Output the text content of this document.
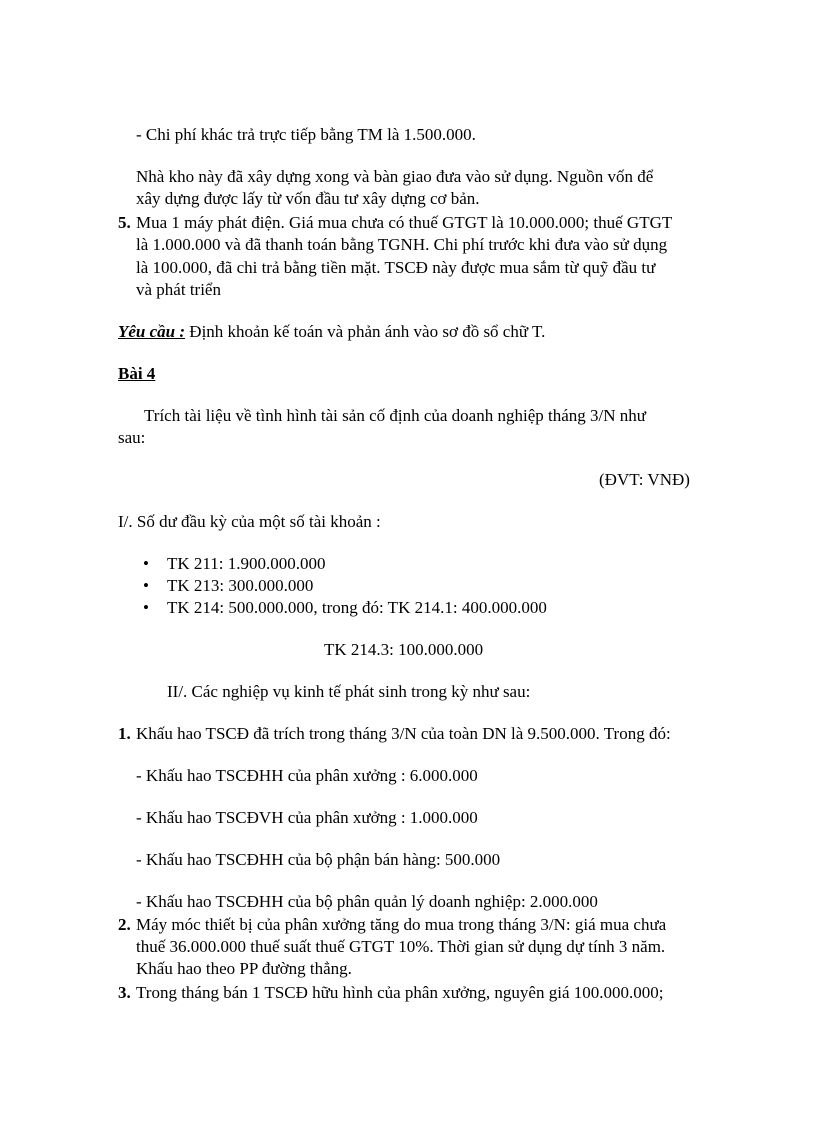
- Chi phí khác trả trực tiếp bằng TM là 1.500.000.

Nhà kho này đã xây dựng xong và bàn giao đưa vào sử dụng. Nguồn vốn để

xây dựng được lấy từ vốn đầu tư xây dựng cơ bản.

5. Mua 1 máy phát điện. Giá mua chưa có thuế GTGT là 10.000.000; thuế GTGT

là 1.000.000 và đã thanh toán bằng TGNH. Chi phí trước khi đưa vào sử dụng

là 100.000, đã chi trả bằng tiền mặt. TSCĐ này được mua sắm từ quỹ đầu tư

và phát triển

Yêu cầu : Định khoản kế toán và phản ánh vào sơ đồ sổ chữ T.

Bài 4

Trích tài liệu về tình hình tài sản cố định của doanh nghiệp tháng 3/N như

sau:

(ĐVT: VNĐ)

I/. Số dư đầu kỳ của một số tài khoản :

• TK 211: 1.900.000.000

• TK 213: 300.000.000

• TK 214: 500.000.000, trong đó: TK 214.1: 400.000.000

TK 214.3: 100.000.000

II/. Các nghiệp vụ kinh tế phát sinh trong kỳ như sau:

1. Khấu hao TSCĐ đã trích trong tháng 3/N của toàn DN là 9.500.000. Trong đó:

- Khấu hao TSCĐHH của phân xưởng : 6.000.000

- Khấu hao TSCĐVH của phân xưởng : 1.000.000

- Khấu hao TSCĐHH của bộ phận bán hàng: 500.000

- Khấu hao TSCĐHH của bộ phân quản lý doanh nghiệp: 2.000.000

2. Máy móc thiết bị của phân xưởng tăng do mua trong tháng 3/N: giá mua chưa

thuế 36.000.000 thuế suất thuế GTGT 10%. Thời gian sử dụng dự tính 3 năm.

Khấu hao theo PP đường thẳng.

3. Trong tháng bán 1 TSCĐ hữu hình của phân xưởng, nguyên giá 100.000.000;
